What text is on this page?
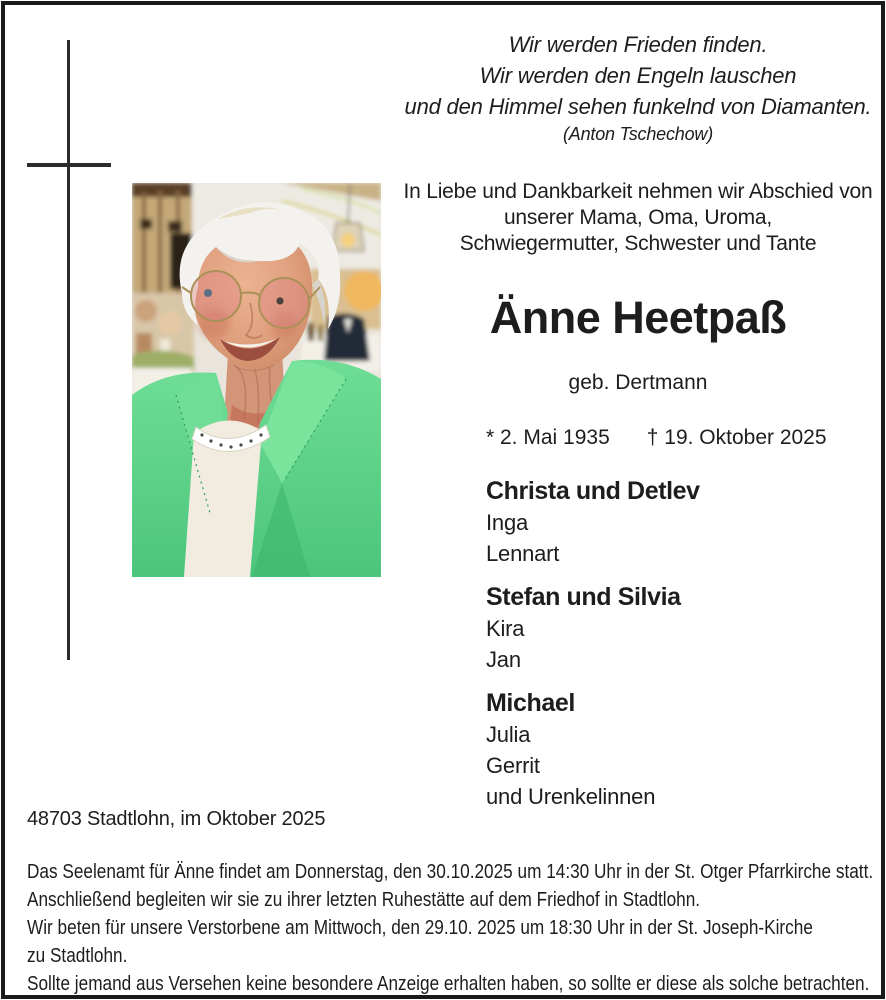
Wir werden Frieden finden.
Wir werden den Engeln lauschen
und den Himmel sehen funkelnd von Diamanten.
(Anton Tschechow)
In Liebe und Dankbarkeit nehmen wir Abschied von
unserer Mama, Oma, Uroma,
Schwiegermutter, Schwester und Tante
Änne Heetpaß
geb. Dertmann
* 2. Mai 1935 † 19. Oktober 2025
Christa und Detlev
Inga
Lennart
Stefan und Silvia
Kira
Jan
Michael
Julia
Gerrit
und Urenkelinnen
48703 Stadtlohn, im Oktober 2025
Das Seelenamt für Änne findet am Donnerstag, den 30.10.2025 um 14:30 Uhr in der St. Otger Pfarrkirche statt.
Anschließend begleiten wir sie zu ihrer letzten Ruhestätte auf dem Friedhof in Stadtlohn.
Wir beten für unsere Verstorbene am Mittwoch, den 29.10. 2025 um 18:30 Uhr in der St. Joseph-Kirche
zu Stadtlohn.
Sollte jemand aus Versehen keine besondere Anzeige erhalten haben, so sollte er diese als solche betrachten.
